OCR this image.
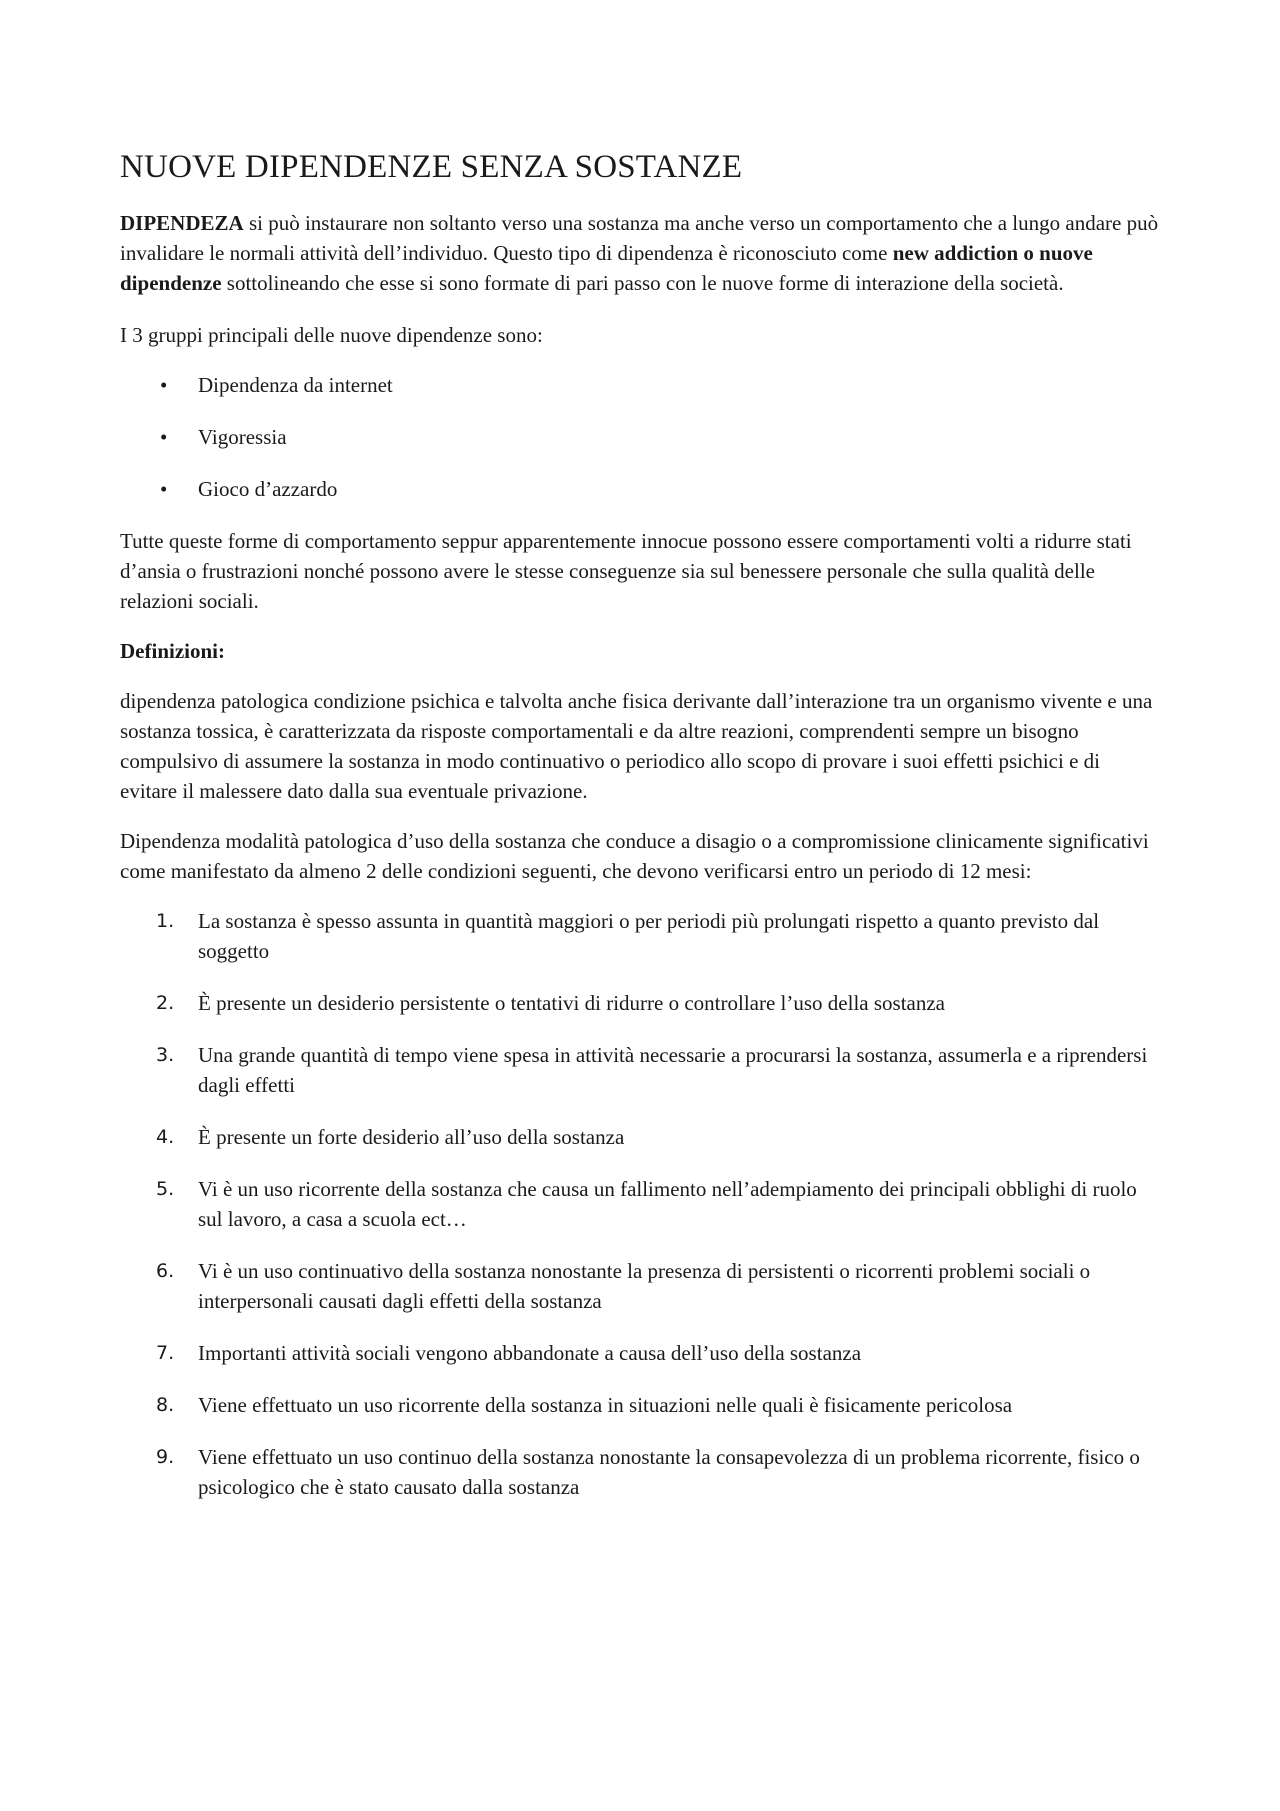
NUOVE DIPENDENZE SENZA SOSTANZE

DIPENDEZA si può instaurare non soltanto verso una sostanza ma anche verso un comportamento che a lungo andare può invalidare le normali attività dell’individuo. Questo tipo di dipendenza è riconosciuto come new addiction o nuove dipendenze sottolineando che esse si sono formate di pari passo con le nuove forme di interazione della società.

I 3 gruppi principali delle nuove dipendenze sono:

• Dipendenza da internet
• Vigoressia
• Gioco d’azzardo

Tutte queste forme di comportamento seppur apparentemente innocue possono essere comportamenti volti a ridurre stati d’ansia o frustrazioni nonché possono avere le stesse conseguenze sia sul benessere personale che sulla qualità delle relazioni sociali.

Definizioni:

dipendenza patologica condizione psichica e talvolta anche fisica derivante dall’interazione tra un organismo vivente e una sostanza tossica, è caratterizzata da risposte comportamentali e da altre reazioni, comprendenti sempre un bisogno compulsivo di assumere la sostanza in modo continuativo o periodico allo scopo di provare i suoi effetti psichici e di evitare il malessere dato dalla sua eventuale privazione.

Dipendenza modalità patologica d’uso della sostanza che conduce a disagio o a compromissione clinicamente significativi come manifestato da almeno 2 delle condizioni seguenti, che devono verificarsi entro un periodo di 12 mesi:

1. La sostanza è spesso assunta in quantità maggiori o per periodi più prolungati rispetto a quanto previsto dal soggetto
2. È presente un desiderio persistente o tentativi di ridurre o controllare l’uso della sostanza
3. Una grande quantità di tempo viene spesa in attività necessarie a procurarsi la sostanza, assumerla e a riprendersi dagli effetti
4. È presente un forte desiderio all’uso della sostanza
5. Vi è un uso ricorrente della sostanza che causa un fallimento nell’adempiamento dei principali obblighi di ruolo sul lavoro, a casa a scuola ect…
6. Vi è un uso continuativo della sostanza nonostante la presenza di persistenti o ricorrenti problemi sociali o interpersonali causati dagli effetti della sostanza
7. Importanti attività sociali vengono abbandonate a causa dell’uso della sostanza
8. Viene effettuato un uso ricorrente della sostanza in situazioni nelle quali è fisicamente pericolosa
9. Viene effettuato un uso continuo della sostanza nonostante la consapevolezza di un problema ricorrente, fisico o psicologico che è stato causato dalla sostanza
